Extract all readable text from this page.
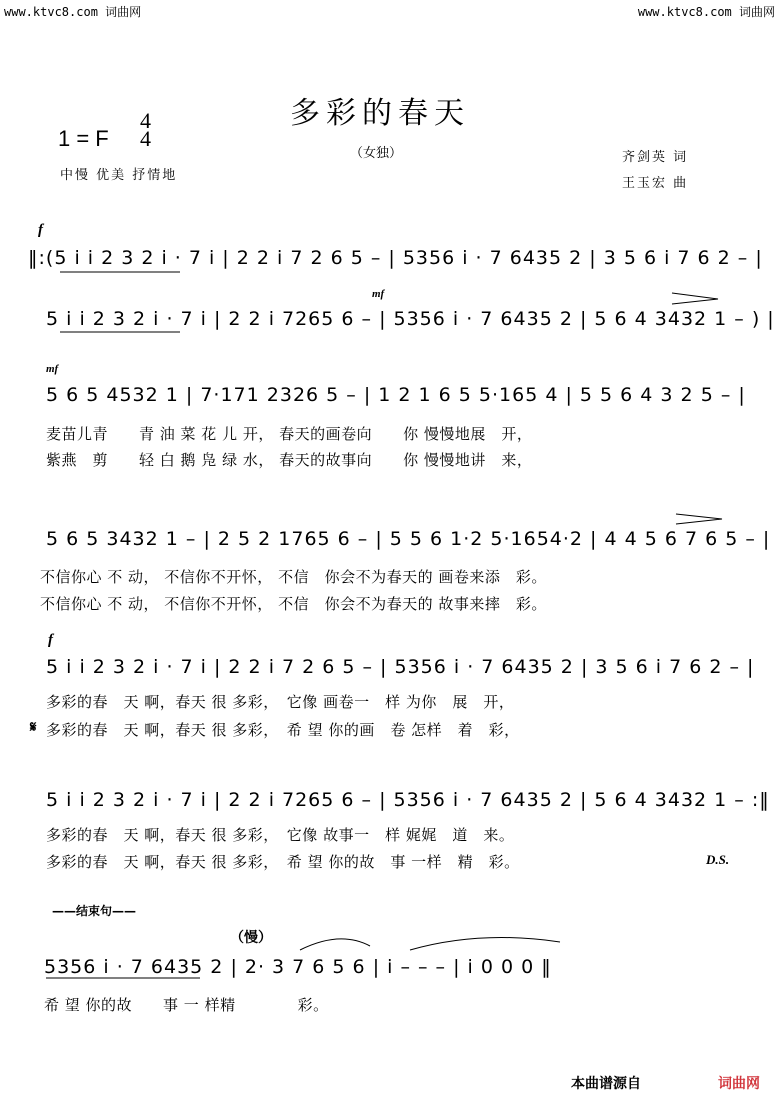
www.ktvc8.com 词曲网	www.ktvc8.com 词曲网
多彩的春天
（女独）
1 = F
4
4
中慢 优美 抒情地
齐剑英 词
王玉宏 曲
f
‖:(5 i i 2 3 2 i · 7 i | 2 2 i 7 2 6 5 – | 5356 i · 7 6435 2 | 3 5 6 i 7 6 2 – |
mf
5 i i 2 3 2 i · 7 i | 2 2 i 7265 6 – | 5356 i · 7 6435 2 | 5 6 4 3432 1 – ) |
mf
5 6 5 4532 1 | 7·171 2326 5 – | 1 2 1 6 5 5·165 4 | 5 5 6 4 3 2 5 – |
麦苗儿青　　青 油 菜 花 儿 开， 春天的画卷向　　你 慢慢地展　开，
紫燕　剪　　轻 白 鹅 凫 绿 水， 春天的故事向　　你 慢慢地讲　来，
5 6 5 3432 1 – | 2 5 2 1765 6 – | 5 5 6 1·2 5·1654·2 | 4 4 5 6 7 6 5 – |
不信你心 不 动， 不信你不开怀， 不信　你会不为春天的 画卷来添　彩。
不信你心 不 动， 不信你不开怀， 不信　你会不为春天的 故事来摔　彩。
f
5 i i 2 3 2 i · 7 i | 2 2 i 7 2 6 5 – | 5356 i · 7 6435 2 | 3 5 6 i 7 6 2 – |
多彩的春　天 啊，春天 很 多彩，　它像 画卷一　样 为你　展　开，
𝄋 多彩的春　天 啊，春天 很 多彩，　希 望 你的画　卷 怎样　着　彩，
5 i i 2 3 2 i · 7 i | 2 2 i 7265 6 – | 5356 i · 7 6435 2 | 5 6 4 3432 1 – :‖
多彩的春　天 啊，春天 很 多彩，　它像 故事一　样 娓娓　道　来。
多彩的春　天 啊，春天 很 多彩，　希 望 你的故　事 一样　精　彩。	D.S.
——结束句——
（慢）
5356 i · 7 6435 2 | 2· 3 7 6 5 6 | i – – – | i 0 0 0 ‖
希 望 你的故　　事 一 样精　　　　彩。
本曲谱源自	词曲网
